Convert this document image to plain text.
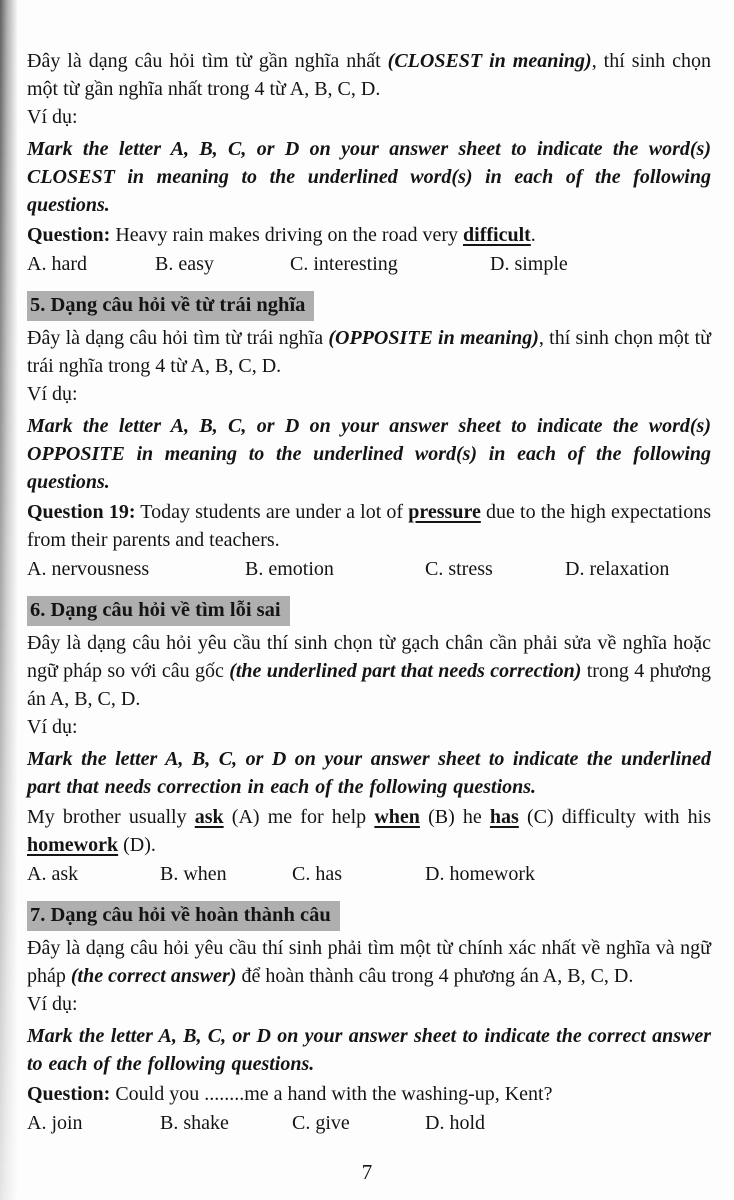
Đây là dạng câu hỏi tìm từ gần nghĩa nhất (CLOSEST in meaning), thí sinh chọn một từ gần nghĩa nhất trong 4 từ A, B, C, D.

Ví dụ:

Mark the letter A, B, C, or D on your answer sheet to indicate the word(s) CLOSEST in meaning to the underlined word(s) in each of the following questions.

Question: Heavy rain makes driving on the road very difficult.

A. hard	B. easy	C. interesting	D. simple
5. Dạng câu hỏi về từ trái nghĩa

Đây là dạng câu hỏi tìm từ trái nghĩa (OPPOSITE in meaning), thí sinh chọn một từ trái nghĩa trong 4 từ A, B, C, D.

Ví dụ:

Mark the letter A, B, C, or D on your answer sheet to indicate the word(s) OPPOSITE in meaning to the underlined word(s) in each of the following questions.

Question 19: Today students are under a lot of pressure due to the high expectations from their parents and teachers.

A. nervousness	B. emotion	C. stress	D. relaxation
6. Dạng câu hỏi về tìm lỗi sai

Đây là dạng câu hỏi yêu cầu thí sinh chọn từ gạch chân cần phải sửa về nghĩa hoặc ngữ pháp so với câu gốc (the underlined part that needs correction) trong 4 phương án A, B, C, D.

Ví dụ:

Mark the letter A, B, C, or D on your answer sheet to indicate the underlined part that needs correction in each of the following questions.

My brother usually ask (A) me for help when (B) he has (C) difficulty with his homework (D).

A. ask	B. when	C. has	D. homework
7. Dạng câu hỏi về hoàn thành câu

Đây là dạng câu hỏi yêu cầu thí sinh phải tìm một từ chính xác nhất về nghĩa và ngữ pháp (the correct answer) để hoàn thành câu trong 4 phương án A, B, C, D.

Ví dụ:

Mark the letter A, B, C, or D on your answer sheet to indicate the correct answer to each of the following questions.

Question: Could you ........me a hand with the washing-up, Kent?

A. join	B. shake	C. give	D. hold
7
